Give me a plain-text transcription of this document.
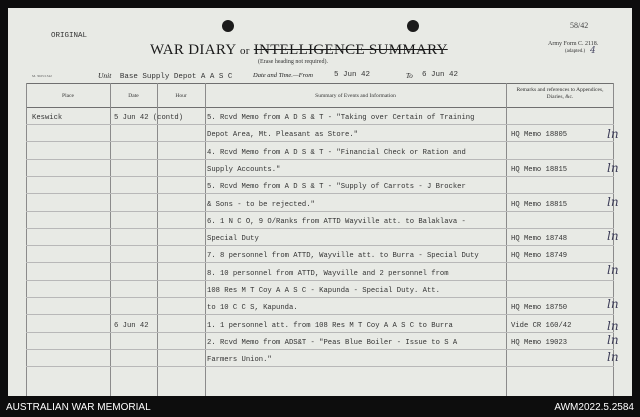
ORIGINAL
58/42
WAR DIARY or INTELLIGENCE SUMMARY
(Erase heading not required).
Army Form C. 2118.
(adapted.) 4
M. 3025/1342	Unit Base Supply Depot A A S C	Date and Time.—From	5 Jun 42	To 6 Jun 42
Place	Date	Hour	Summary of Events and Information
Remarks and references to Appendices, Diaries, &c.
Keswick	5 Jun 42 (contd)	5. Rcvd Memo from A D S & T - "Taking over Certain of Training
Depot Area, Mt. Pleasant as Store."	HQ Memo 18805
4. Rcvd Memo from A D S & T - "Financial Check or Ration and
Supply Accounts."	HQ Memo 18815
5. Rcvd Memo from A D S & T - "Supply of Carrots - J Brocker
& Sons - to be rejected."	HQ Memo 18815
6. 1 N C O, 9 O/Ranks from ATTD Wayville att. to Balaklava -
Special Duty	HQ Memo 18748
7. 8 personnel from ATTD, Wayville att. to Burra - Special Duty	HQ Memo 18749
8. 10 personnel from ATTD, Wayville and 2 personnel from
108 Res M T Coy A A S C - Kapunda - Special Duty. Att.
to 10 C C S, Kapunda.	HQ Memo 18750
6 Jun 42	1. 1 personnel att. from 108 Res M T Coy A A S C to Burra	Vide CR 160/42
2. Rcvd Memo from ADS&T - "Peas Blue Boiler - Issue to S A	HQ Memo 19023
Farmers Union."
ln
ln
ln
ln
ln
ln
ln
ln
ln
AUSTRALIAN WAR MEMORIAL	AWM2022.5.2584
